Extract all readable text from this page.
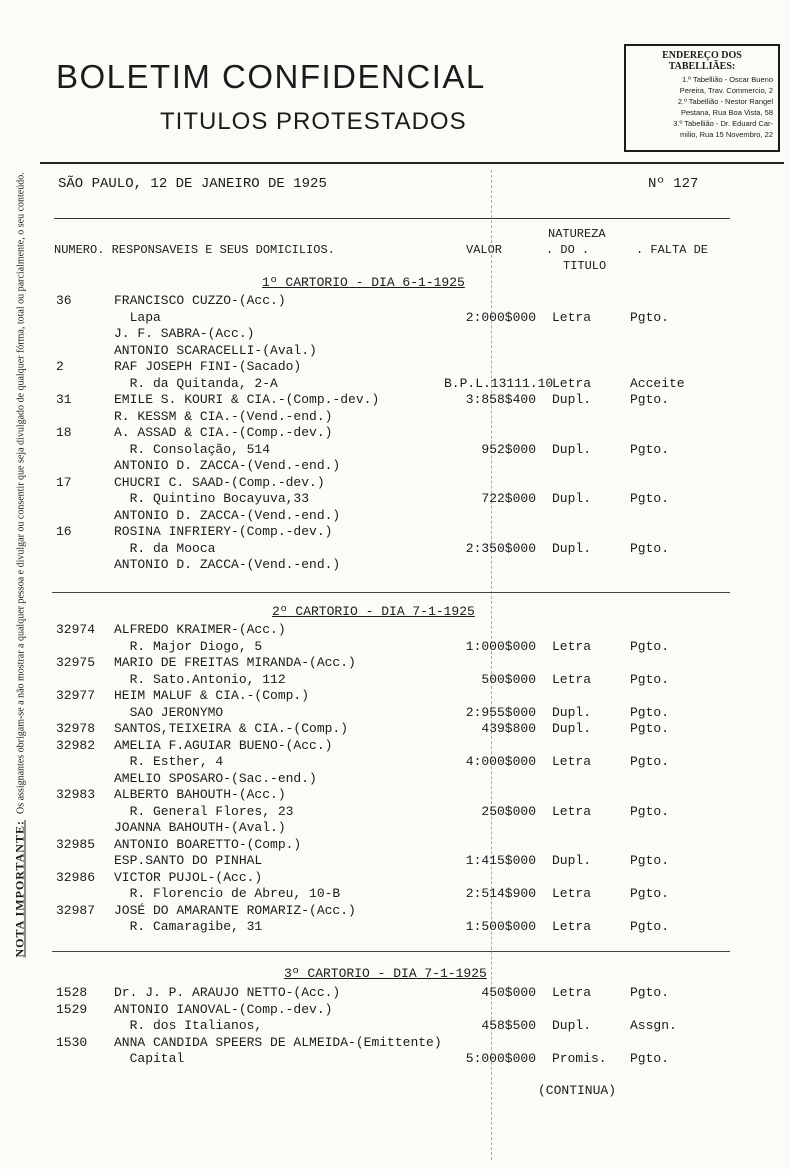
BOLETIM CONFIDENCIAL
TITULOS PROTESTADOS
ENDEREÇO DOS TABELLIÃES:
1.º Tabellião - Oscar Bueno
Pereira, Trav. Commercio, 2
2.º Tabellião - Nestor Rangel
Pestana, Rua Boa Vista, 58
3.º Tabellião - Dr. Eduard Car-
milio, Rua 15 Novembro, 22
SÃO PAULO, 12 DE JANEIRO DE 1925	Nº 127
NUMERO. RESPONSAVEIS E SEUS DOMICILIOS.	VALOR
NATUREZA
. DO .
TITULO
. FALTA DE
1º CARTORIO - DIA 6-1-1925
36	FRANCISCO CUZZO-(Acc.)
Lapa	2:000$000 Letra	Pgto.
J. F. SABRA-(Acc.)
ANTONIO SCARACELLI-(Aval.)
2	RAF JOSEPH FINI-(Sacado)
R. da Quitanda, 2-A	B.P.L.13111.10
Letra	Acceite
31	EMILE S. KOURI & CIA.-(Comp.-dev.)	3:858$400 Dupl.	Pgto.
R. KESSM & CIA.-(Vend.-end.)
18	A. ASSAD & CIA.-(Comp.-dev.)
R. Consolação, 514	952$000 Dupl.	Pgto.
ANTONIO D. ZACCA-(Vend.-end.)
17	CHUCRI C. SAAD-(Comp.-dev.)
R. Quintino Bocayuva,33	722$000 Dupl.	Pgto.
ANTONIO D. ZACCA-(Vend.-end.)
16	ROSINA INFRIERY-(Comp.-dev.)
R. da Mooca	2:350$000 Dupl.	Pgto.
ANTONIO D. ZACCA-(Vend.-end.)
2º CARTORIO - DIA 7-1-1925
32974 ALFREDO KRAIMER-(Acc.)
R. Major Diogo, 5	1:000$000 Letra	Pgto.
32975 MARIO DE FREITAS MIRANDA-(Acc.)
R. Sato.Antonio, 112	500$000 Letra	Pgto.
32977 HEIM MALUF & CIA.-(Comp.)
SAO JERONYMO	2:955$000 Dupl.	Pgto.
32978 SANTOS,TEIXEIRA & CIA.-(Comp.)	439$800 Dupl.	Pgto.
32982 AMELIA F.AGUIAR BUENO-(Acc.)
R. Esther, 4	4:000$000 Letra	Pgto.
AMELIO SPOSARO-(Sac.-end.)
32983 ALBERTO BAHOUTH-(Acc.)
R. General Flores, 23	250$000 Letra	Pgto.
JOANNA BAHOUTH-(Aval.)
32985 ANTONIO BOARETTO-(Comp.)
ESP.SANTO DO PINHAL	1:415$000 Dupl.	Pgto.
32986 VICTOR PUJOL-(Acc.)
R. Florencio de Abreu, 10-B	2:514$900 Letra	Pgto.
32987 JOSÉ DO AMARANTE ROMARIZ-(Acc.)
R. Camaragibe, 31	1:500$000 Letra	Pgto.
3º CARTORIO - DIA 7-1-1925
1528 Dr. J. P. ARAUJO NETTO-(Acc.)	450$000 Letra	Pgto.
1529 ANTONIO IANOVAL-(Comp.-dev.)
R. dos Italianos,	458$500 Dupl.	Assgn.
1530 ANNA CANDIDA SPEERS DE ALMEIDA-(Emittente)
Capital	5:000$000 Promis. Pgto.
(CONTINUA)
NOTA IMPORTANTE:Os assignantes obrigam-se a não mostrar a qualquer pessoa e divulgar ou consentir que seja divulgado de qualquer fórma, total ou parcialmente, o seu conteúdo.
